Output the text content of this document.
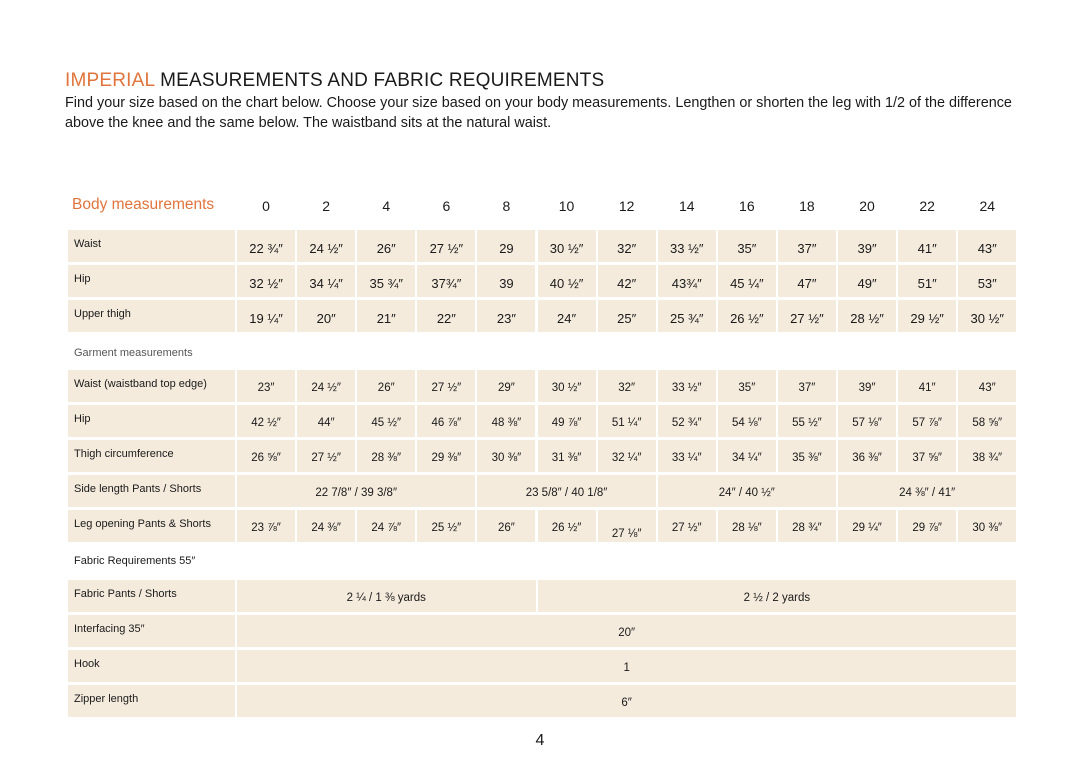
IMPERIAL MEASUREMENTS AND FABRIC REQUIREMENTS
Find your size based on the chart below. Choose your size based on your body measurements. Lengthen or shorten the leg with 1/2 of the difference above the knee and the same below. The waistband sits at the natural waist.
Body measurements	0	2	4	6	8	10	12	14	16	18	20	22	24
Waist	22 ¾″	24 ½″	26″	27 ½″	29	30 ½″	32″	33 ½″	35″	37″	39″	41″	43″
Hip	32 ½″	34 ¼″	35 ¾″	37¾″	39	40 ½″	42″	43¾″	45 ¼″	47″	49″	51″	53″
Upper thigh	19 ¼″	20″	21″	22″	23″	24″	25″	25 ¾″	26 ½″	27 ½″	28 ½″	29 ½″	30 ½″
Waist (waistband top edge)	23″	24 ½″	26″	27 ½″	29″	30 ½″	32″	33 ½″	35″	37″	39″	41″	43″
Hip	42 ½″	44″	45 ½″	46 ⅞″	48 ⅜″	49 ⅞″	51 ¼″	52 ¾″	54 ⅛″	55 ½″	57 ⅛″	57 ⅞″	58 ⅝″
Thigh circumference	26 ⅝″	27 ½″	28 ⅜″	29 ⅜″	30 ⅜″	31 ⅜″	32 ¼″	33 ¼″	34 ¼″	35 ⅜″	36 ⅜″	37 ⅝″	38 ¾″
Side length Pants / Shorts	22 7/8″ / 39 3/8″	23 5/8″ / 40 1/8″	24″ / 40 ½″	24 ⅜″ / 41″
Leg opening Pants & Shorts	23 ⅞″	24 ⅜″	24 ⅞″	25 ½″	26″	26 ½″	27 ⅛″	27 ½″	28 ⅛″	28 ¾″	29 ¼″	29 ⅞″	30 ⅜″
Fabric Pants / Shorts	2 ¼ / 1 ⅜ yards	2 ½ / 2 yards
Interfacing 35″	20″
Hook	1
Zipper length	6″
Garment measurements
Fabric Requirements 55″
4
